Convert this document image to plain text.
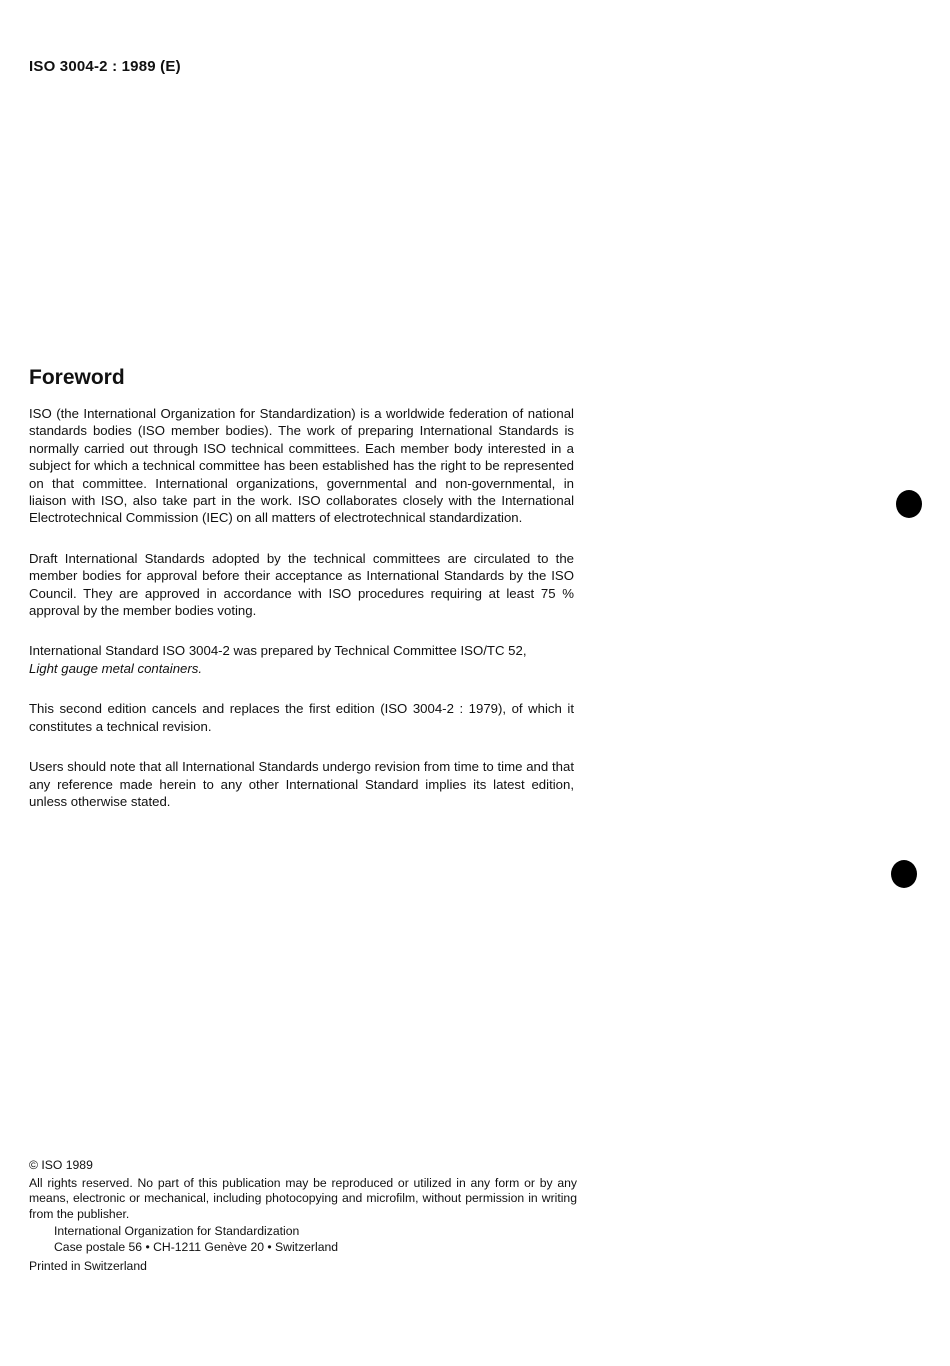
ISO 3004-2 : 1989 (E)
Foreword

ISO (the International Organization for Standardization) is a worldwide federation of national standards bodies (ISO member bodies). The work of preparing International Standards is normally carried out through ISO technical committees. Each member body interested in a subject for which a technical committee has been established has the right to be represented on that committee. International organizations, governmental and non-governmental, in liaison with ISO, also take part in the work. ISO collaborates closely with the International Electrotechnical Commission (IEC) on all matters of electrotechnical standardization.

Draft International Standards adopted by the technical committees are circulated to the member bodies for approval before their acceptance as International Standards by the ISO Council. They are approved in accordance with ISO procedures requiring at least 75 % approval by the member bodies voting.

International Standard ISO 3004-2 was prepared by Technical Committee ISO/TC 52,
Light gauge metal containers.

This second edition cancels and replaces the first edition (ISO 3004-2 : 1979), of which it constitutes a technical revision.

Users should note that all International Standards undergo revision from time to time and that any reference made herein to any other International Standard implies its latest edition, unless otherwise stated.

© ISO 1989

All rights reserved. No part of this publication may be reproduced or utilized in any form or by any means, electronic or mechanical, including photocopying and microfilm, without permission in writing from the publisher.

International Organization for Standardization

Case postale 56 • CH-1211 Genève 20 • Switzerland

Printed in Switzerland
